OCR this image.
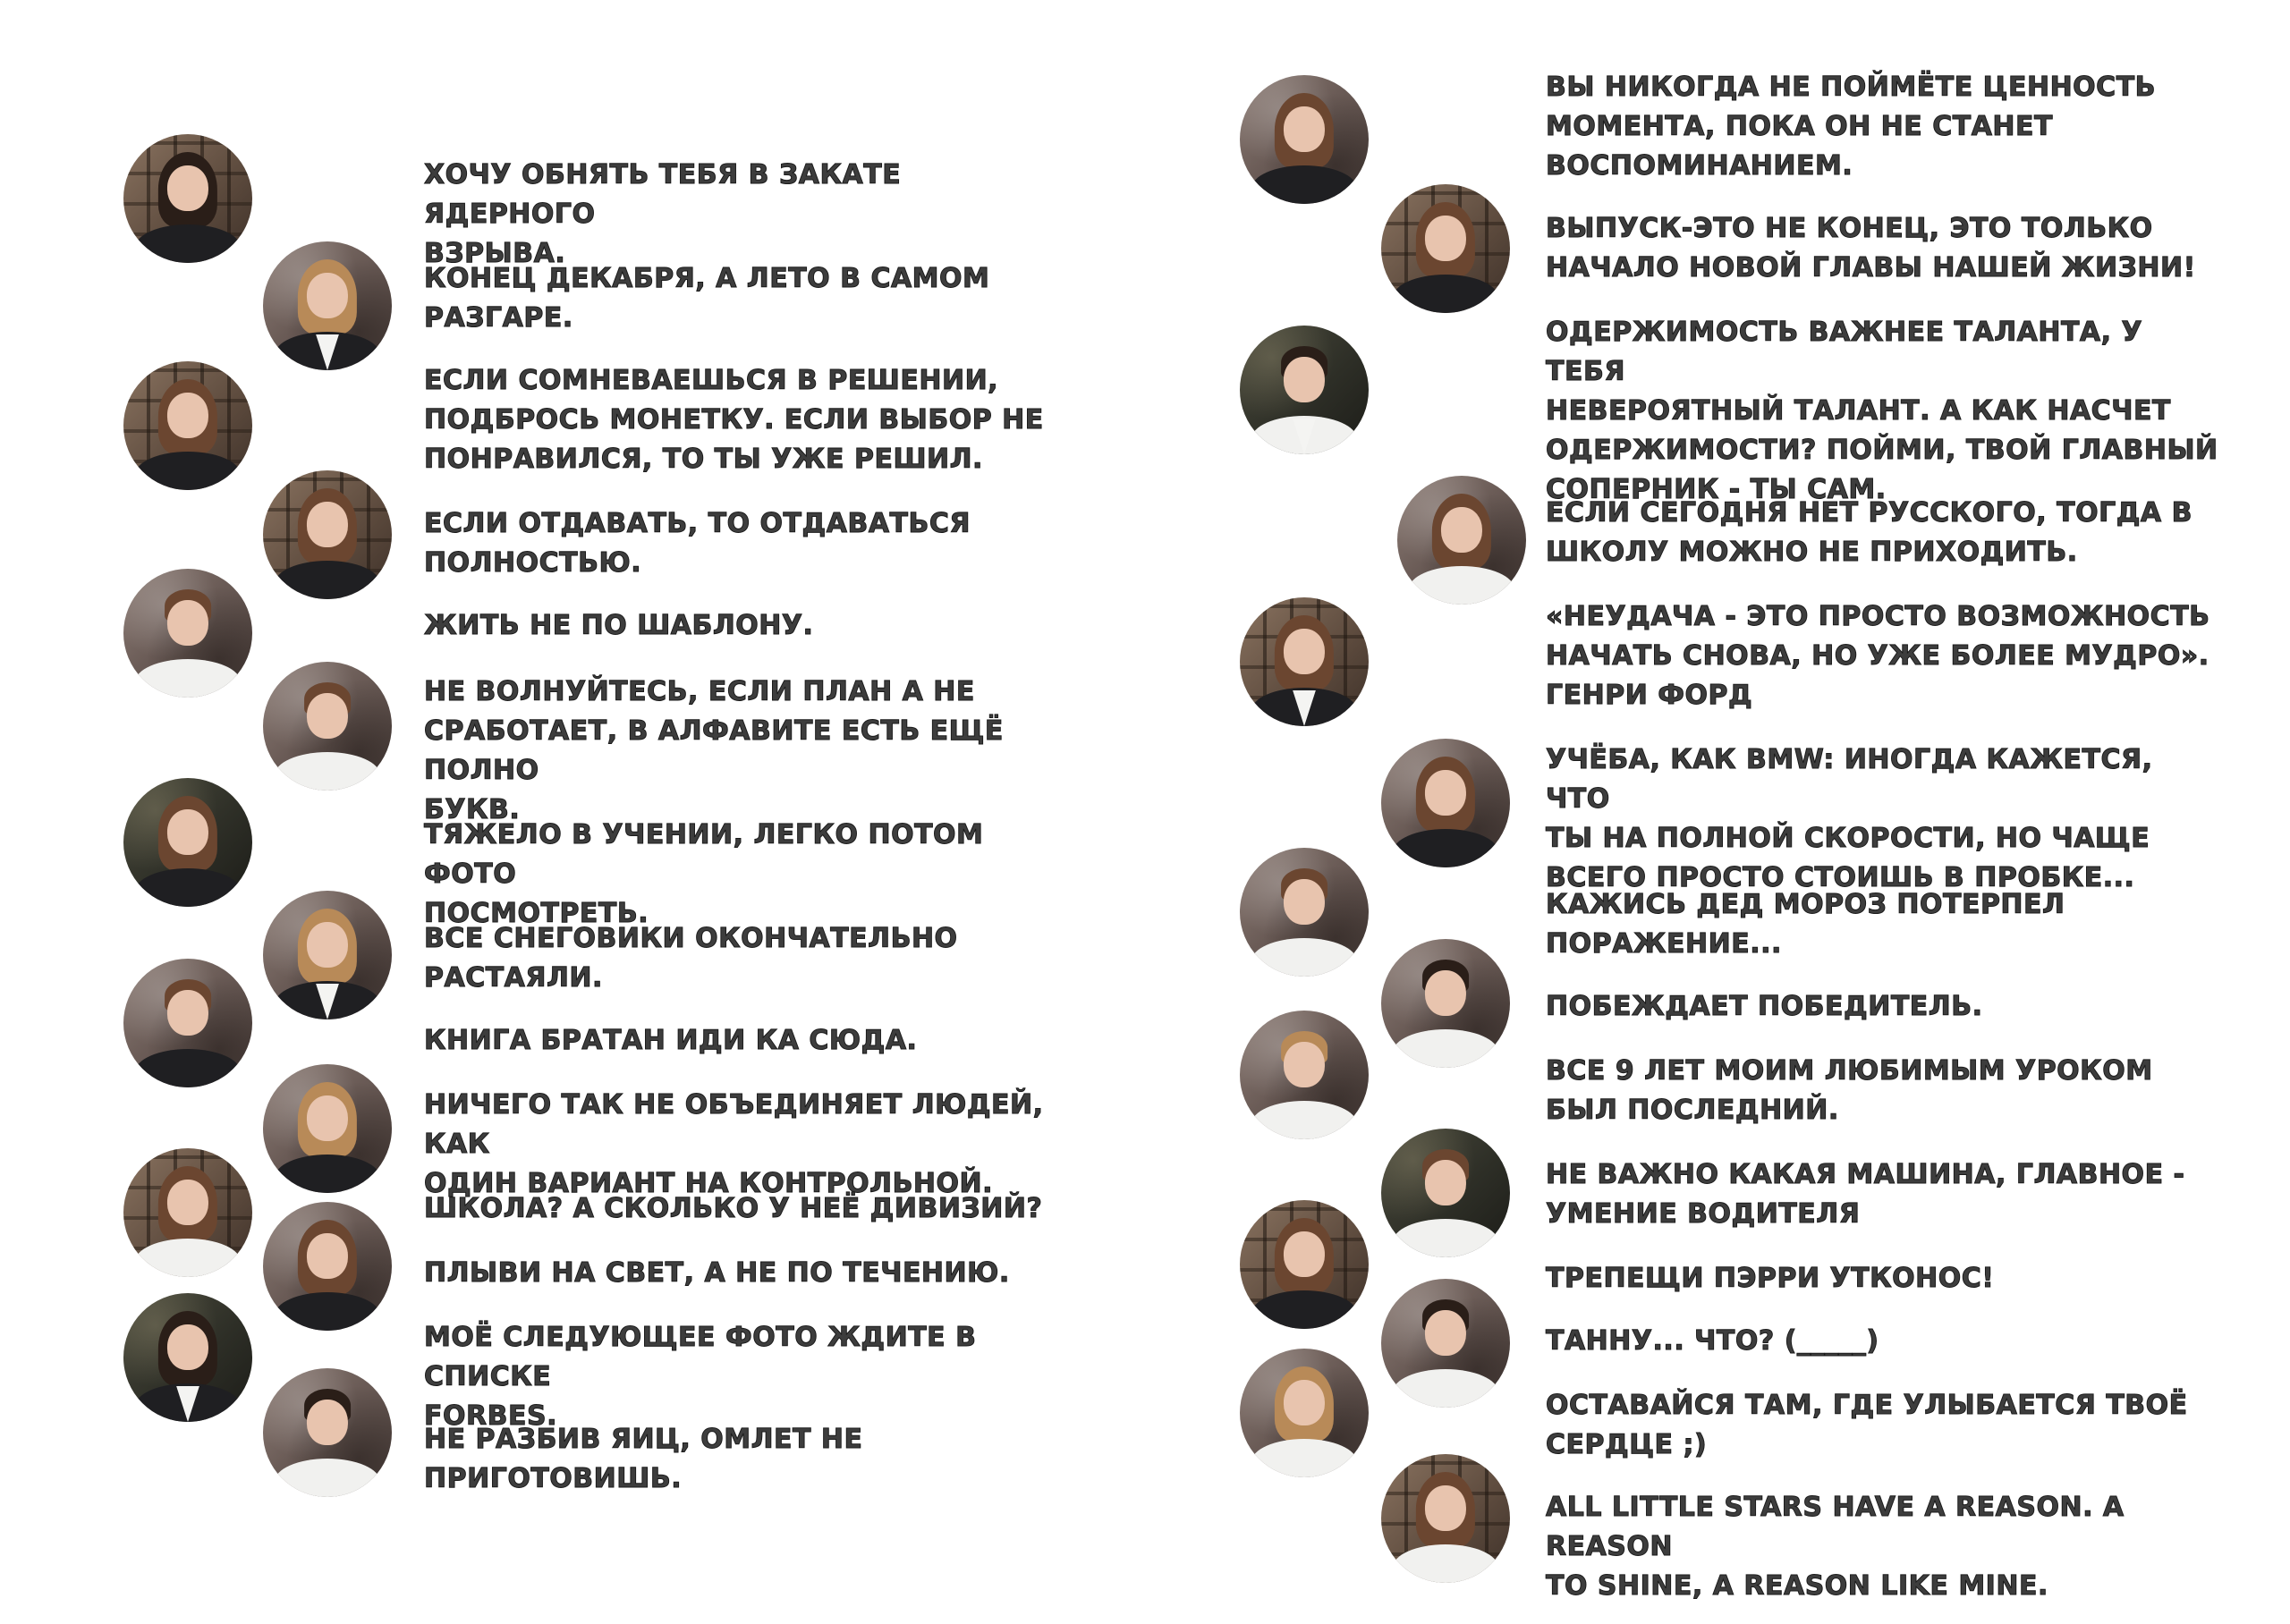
ХОЧУ ОБНЯТЬ ТЕБЯ В ЗАКАТЕ ЯДЕРНОГО
ВЗРЫВА.

КОНЕЦ ДЕКАБРЯ, А ЛЕТО В САМОМ
РАЗГАРЕ.

ЕСЛИ СОМНЕВАЕШЬСЯ В РЕШЕНИИ,
ПОДБРОСЬ МОНЕТКУ. ЕСЛИ ВЫБОР НЕ
ПОНРАВИЛСЯ, ТО ТЫ УЖЕ РЕШИЛ.

ЕСЛИ ОТДАВАТЬ, ТО ОТДАВАТЬСЯ
ПОЛНОСТЬЮ.

ЖИТЬ НЕ ПО ШАБЛОНУ.

НЕ ВОЛНУЙТЕСЬ, ЕСЛИ ПЛАН А НЕ
СРАБОТАЕТ, В АЛФАВИТЕ ЕСТЬ ЕЩЁ ПОЛНО
БУКВ.

ТЯЖЕЛО В УЧЕНИИ, ЛЕГКО ПОТОМ ФОТО
ПОСМОТРЕТЬ.

ВСЕ СНЕГОВИКИ ОКОНЧАТЕЛЬНО
РАСТАЯЛИ.

КНИГА БРАТАН ИДИ КА СЮДА.

НИЧЕГО ТАК НЕ ОБЪЕДИНЯЕТ ЛЮДЕЙ, КАК
ОДИН ВАРИАНТ НА КОНТРОЛЬНОЙ.

ШКОЛА? А СКОЛЬКО У НЕЁ ДИВИЗИЙ?

ПЛЫВИ НА СВЕТ, А НЕ ПО ТЕЧЕНИЮ.

МОЁ СЛЕДУЮЩЕЕ ФОТО ЖДИТЕ В СПИСКЕ
FORBES.

НЕ РАЗБИВ ЯИЦ, ОМЛЕТ НЕ ПРИГОТОВИШЬ.

ВЫ НИКОГДА НЕ ПОЙМЁТЕ ЦЕННОСТЬ
МОМЕНТА, ПОКА ОН НЕ СТАНЕТ
ВОСПОМИНАНИЕМ.

ВЫПУСК-ЭТО НЕ КОНЕЦ, ЭТО ТОЛЬКО
НАЧАЛО НОВОЙ ГЛАВЫ НАШЕЙ ЖИЗНИ!

ОДЕРЖИМОСТЬ ВАЖНЕЕ ТАЛАНТА, У ТЕБЯ
НЕВЕРОЯТНЫЙ ТАЛАНТ. А КАК НАСЧЕТ
ОДЕРЖИМОСТИ? ПОЙМИ, ТВОЙ ГЛАВНЫЙ
СОПЕРНИК - ТЫ САМ.

ЕСЛИ СЕГОДНЯ НЕТ РУССКОГО, ТОГДА В
ШКОЛУ МОЖНО НЕ ПРИХОДИТЬ.

«НЕУДАЧА - ЭТО ПРОСТО ВОЗМОЖНОСТЬ
НАЧАТЬ СНОВА, НО УЖЕ БОЛЕЕ МУДРО».
ГЕНРИ ФОРД

УЧЁБА, КАК BMW: ИНОГДА КАЖЕТСЯ, ЧТО
ТЫ НА ПОЛНОЙ СКОРОСТИ, НО ЧАЩЕ
ВСЕГО ПРОСТО СТОИШЬ В ПРОБКЕ...

КАЖИСЬ ДЕД МОРОЗ ПОТЕРПЕЛ
ПОРАЖЕНИЕ...

ПОБЕЖДАЕТ ПОБЕДИТЕЛЬ.

ВСЕ 9 ЛЕТ МОИМ ЛЮБИМЫМ УРОКОМ
БЫЛ ПОСЛЕДНИЙ.

НЕ ВАЖНО КАКАЯ МАШИНА, ГЛАВНОЕ -
УМЕНИЕ ВОДИТЕЛЯ

ТРЕПЕЩИ ПЭРРИ УТКОНОС!

ТАННУ... ЧТО? (_____)

ОСТАВАЙСЯ ТАМ, ГДЕ УЛЫБАЕТСЯ ТВОЁ
СЕРДЦЕ ;)

ALL LITTLE STARS HAVE A REASON. A REASON
TO SHINE, A REASON LIKE MINE.
